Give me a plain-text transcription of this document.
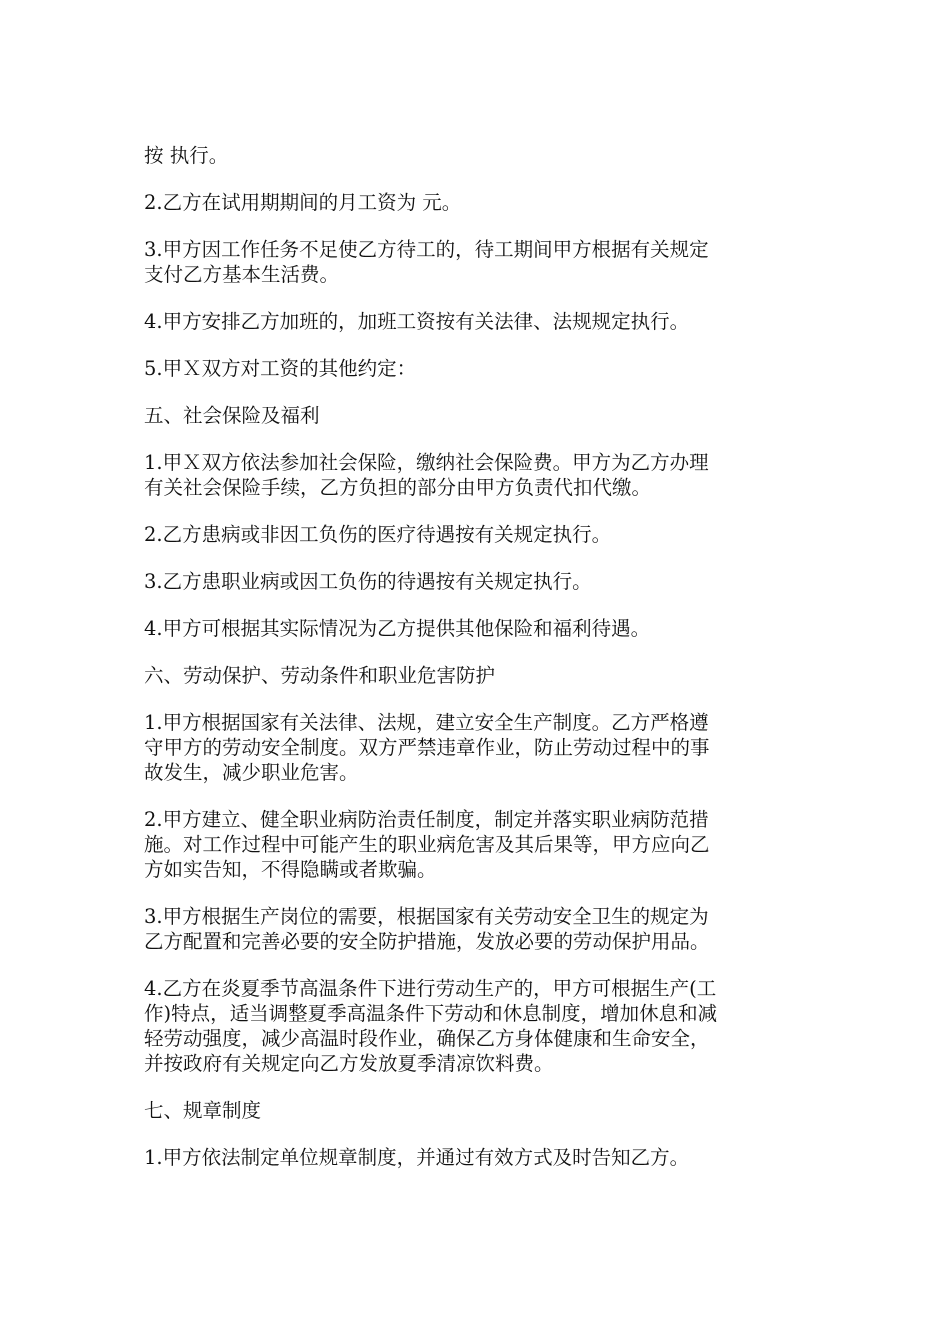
按 执行。

2.乙方在试用期期间的月工资为 元。

3.甲方因工作任务不足使乙方待工的，待工期间甲方根据有关规定
支付乙方基本生活费。

4.甲方安排乙方加班的，加班工资按有关法律、法规规定执行。

5.甲Ｘ双方对工资的其他约定：

五、社会保险及福利

1.甲Ｘ双方依法参加社会保险，缴纳社会保险费。甲方为乙方办理
有关社会保险手续，乙方负担的部分由甲方负责代扣代缴。

2.乙方患病或非因工负伤的医疗待遇按有关规定执行。

3.乙方患职业病或因工负伤的待遇按有关规定执行。

4.甲方可根据其实际情况为乙方提供其他保险和福利待遇。

六、劳动保护、劳动条件和职业危害防护

1.甲方根据国家有关法律、法规，建立安全生产制度。乙方严格遵
守甲方的劳动安全制度。双方严禁违章作业，防止劳动过程中的事
故发生，减少职业危害。

2.甲方建立、健全职业病防治责任制度，制定并落实职业病防范措
施。对工作过程中可能产生的职业病危害及其后果等，甲方应向乙
方如实告知，不得隐瞒或者欺骗。

3.甲方根据生产岗位的需要，根据国家有关劳动安全卫生的规定为
乙方配置和完善必要的安全防护措施，发放必要的劳动保护用品。

4.乙方在炎夏季节高温条件下进行劳动生产的，甲方可根据生产(工
作)特点，适当调整夏季高温条件下劳动和休息制度，增加休息和减
轻劳动强度，减少高温时段作业，确保乙方身体健康和生命安全，
并按政府有关规定向乙方发放夏季清凉饮料费。

七、规章制度

1.甲方依法制定单位规章制度，并通过有效方式及时告知乙方。
